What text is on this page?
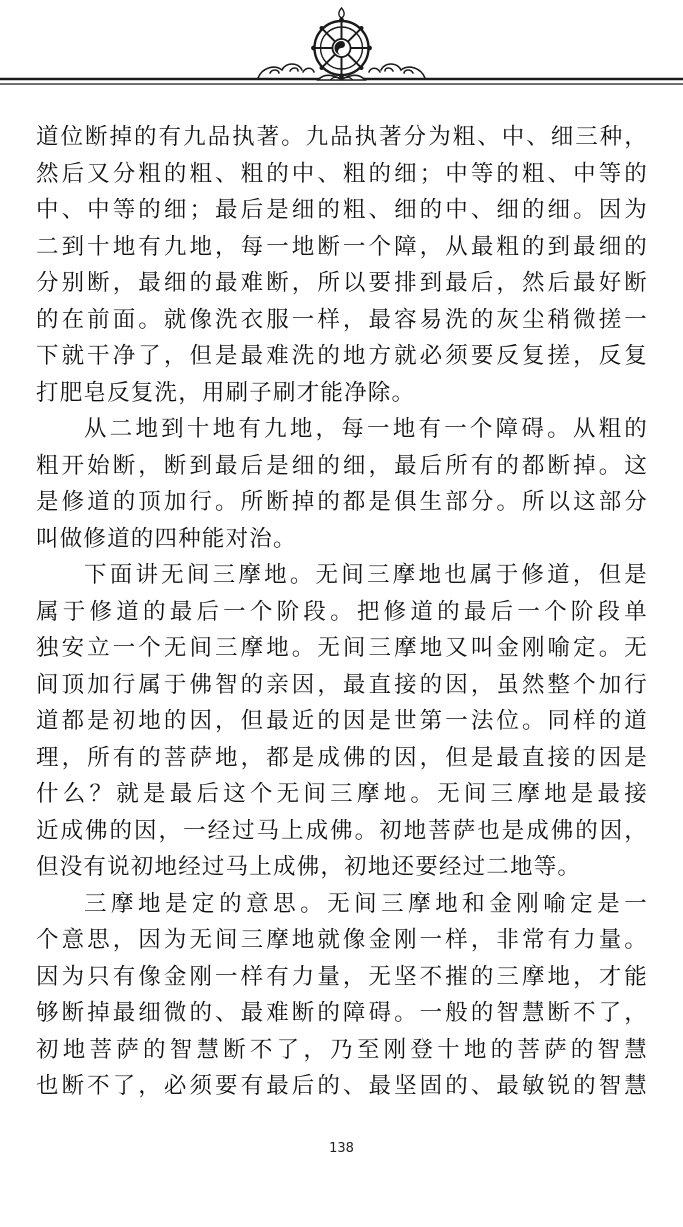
道位断掉的有九品执著。九品执著分为粗、中、细三种，
然后又分粗的粗、粗的中、粗的细；中等的粗、中等的
中、中等的细；最后是细的粗、细的中、细的细。因为
二到十地有九地，每一地断一个障，从最粗的到最细的
分别断，最细的最难断，所以要排到最后，然后最好断
的在前面。就像洗衣服一样，最容易洗的灰尘稍微搓一
下就干净了，但是最难洗的地方就必须要反复搓，反复
打肥皂反复洗，用刷子刷才能净除。
从二地到十地有九地，每一地有一个障碍。从粗的
粗开始断，断到最后是细的细，最后所有的都断掉。这
是修道的顶加行。所断掉的都是俱生部分。所以这部分
叫做修道的四种能对治。
下面讲无间三摩地。无间三摩地也属于修道，但是
属于修道的最后一个阶段。把修道的最后一个阶段单
独安立一个无间三摩地。无间三摩地又叫金刚喻定。无
间顶加行属于佛智的亲因，最直接的因，虽然整个加行
道都是初地的因，但最近的因是世第一法位。同样的道
理，所有的菩萨地，都是成佛的因，但是最直接的因是
什么？就是最后这个无间三摩地。无间三摩地是最接
近成佛的因，一经过马上成佛。初地菩萨也是成佛的因，
但没有说初地经过马上成佛，初地还要经过二地等。
三摩地是定的意思。无间三摩地和金刚喻定是一
个意思，因为无间三摩地就像金刚一样，非常有力量。
因为只有像金刚一样有力量，无坚不摧的三摩地，才能
够断掉最细微的、最难断的障碍。一般的智慧断不了，
初地菩萨的智慧断不了，乃至刚登十地的菩萨的智慧
也断不了，必须要有最后的、最坚固的、最敏锐的智慧
138
